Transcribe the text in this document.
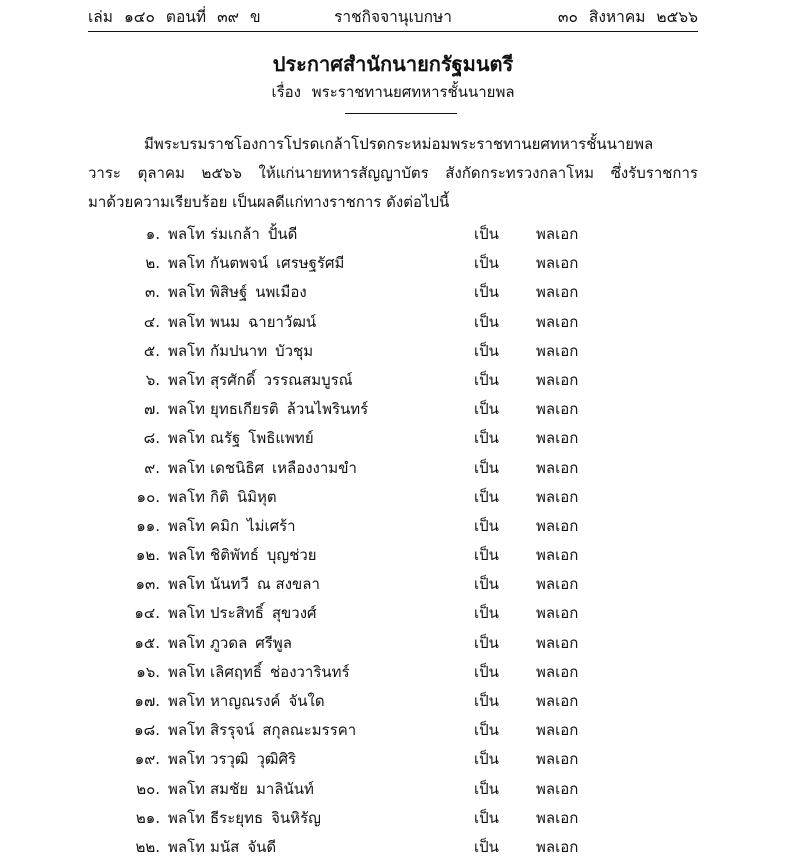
เล่ม ๑๔๐ ตอนที่ ๓๙ ข	ราชกิจจานุเบกษา	๓๐ สิงหาคม ๒๕๖๖
ประกาศสำนักนายกรัฐมนตรี
เรื่อง พระราชทานยศทหารชั้นนายพล
มีพระบรมราชโองการโปรดเกล้าโปรดกระหม่อมพระราชทานยศทหารชั้นนายพล
วาระ ตุลาคม ๒๕๖๖ ให้แก่นายทหารสัญญาบัตร สังกัดกระทรวงกลาโหม ซึ่งรับราชการ
มาด้วยความเรียบร้อย เป็นผลดีแก่ทางราชการ ดังต่อไปนี้
๑. พลโท ร่มเกล้า ปั้นดี	เป็น พลเอก
๒. พลโท กันตพจน์ เศรษฐรัศมี	เป็น พลเอก
๓. พลโท พิสิษฐ์ นพเมือง	เป็น พลเอก
๔. พลโท พนม ฉายาวัฒน์	เป็น พลเอก
๕. พลโท กัมปนาท บัวชุม	เป็น พลเอก
๖. พลโท สุรศักดิ์ วรรณสมบูรณ์	เป็น พลเอก
๗. พลโท ยุทธเกียรติ ล้วนไพรินทร์	เป็น พลเอก
๘. พลโท ณรัฐ โพธิแพทย์	เป็น พลเอก
๙. พลโท เดชนิธิศ เหลืองงามขำ	เป็น พลเอก
๑๐. พลโท กิติ นิมิหุต	เป็น พลเอก
๑๑. พลโท คมิก ไม่เศร้า	เป็น พลเอก
๑๒. พลโท ชิติพัทธ์ บุญช่วย	เป็น พลเอก
๑๓. พลโท นันทวี ณ สงขลา	เป็น พลเอก
๑๔. พลโท ประสิทธิ์ สุขวงศ์	เป็น พลเอก
๑๕. พลโท ภูวดล ศรีพูล	เป็น พลเอก
๑๖. พลโท เลิศฤทธิ์ ช่องวารินทร์	เป็น พลเอก
๑๗. พลโท หาญณรงค์ จันใด	เป็น พลเอก
๑๘. พลโท สิรรุจน์ สกุลณะมรรคา	เป็น พลเอก
๑๙. พลโท วรวุฒิ วุฒิศิริ	เป็น พลเอก
๒๐. พลโท สมชัย มาลินันท์	เป็น พลเอก
๒๑. พลโท ธีระยุทธ จินหิรัญ	เป็น พลเอก
๒๒. พลโท มนัส จันดี	เป็น พลเอก
